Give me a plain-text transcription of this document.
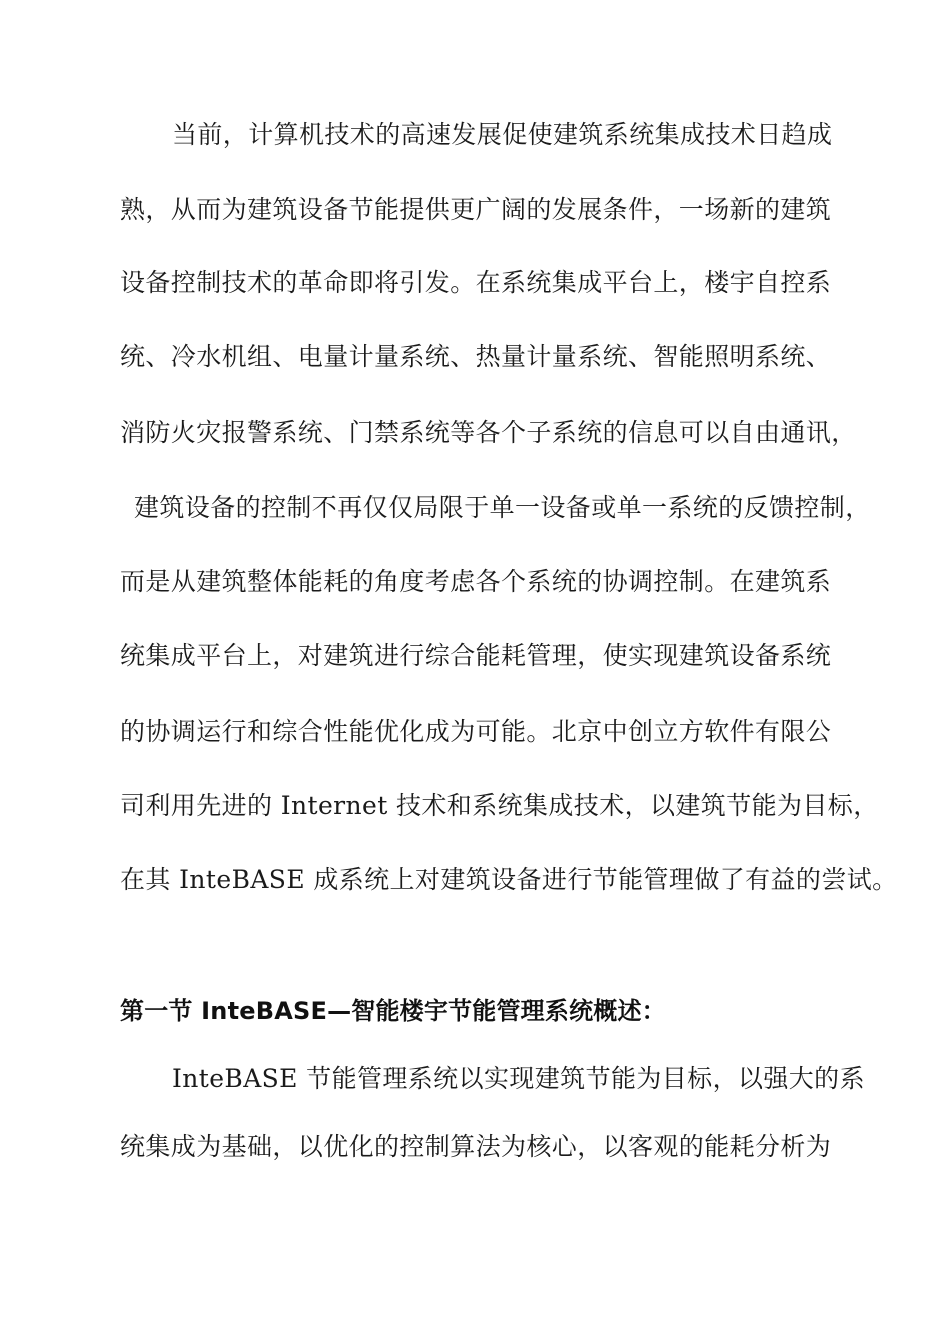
当前，计算机技术的高速发展促使建筑系统集成技术日趋成
熟，从而为建筑设备节能提供更广阔的发展条件，一场新的建筑
设备控制技术的革命即将引发。在系统集成平台上，楼宇自控系
统、冷水机组、电量计量系统、热量计量系统、智能照明系统、
消防火灾报警系统、门禁系统等各个子系统的信息可以自由通讯，
建筑设备的控制不再仅仅局限于单一设备或单一系统的反馈控制，
而是从建筑整体能耗的角度考虑各个系统的协调控制。在建筑系
统集成平台上，对建筑进行综合能耗管理，使实现建筑设备系统
的协调运行和综合性能优化成为可能。北京中创立方软件有限公
司利用先进的 Internet 技术和系统集成技术，以建筑节能为目标，
在其 InteBASE 成系统上对建筑设备进行节能管理做了有益的尝试。
第一节 InteBASE—智能楼宇节能管理系统概述：
InteBASE 节能管理系统以实现建筑节能为目标，以强大的系
统集成为基础，以优化的控制算法为核心，以客观的能耗分析为
